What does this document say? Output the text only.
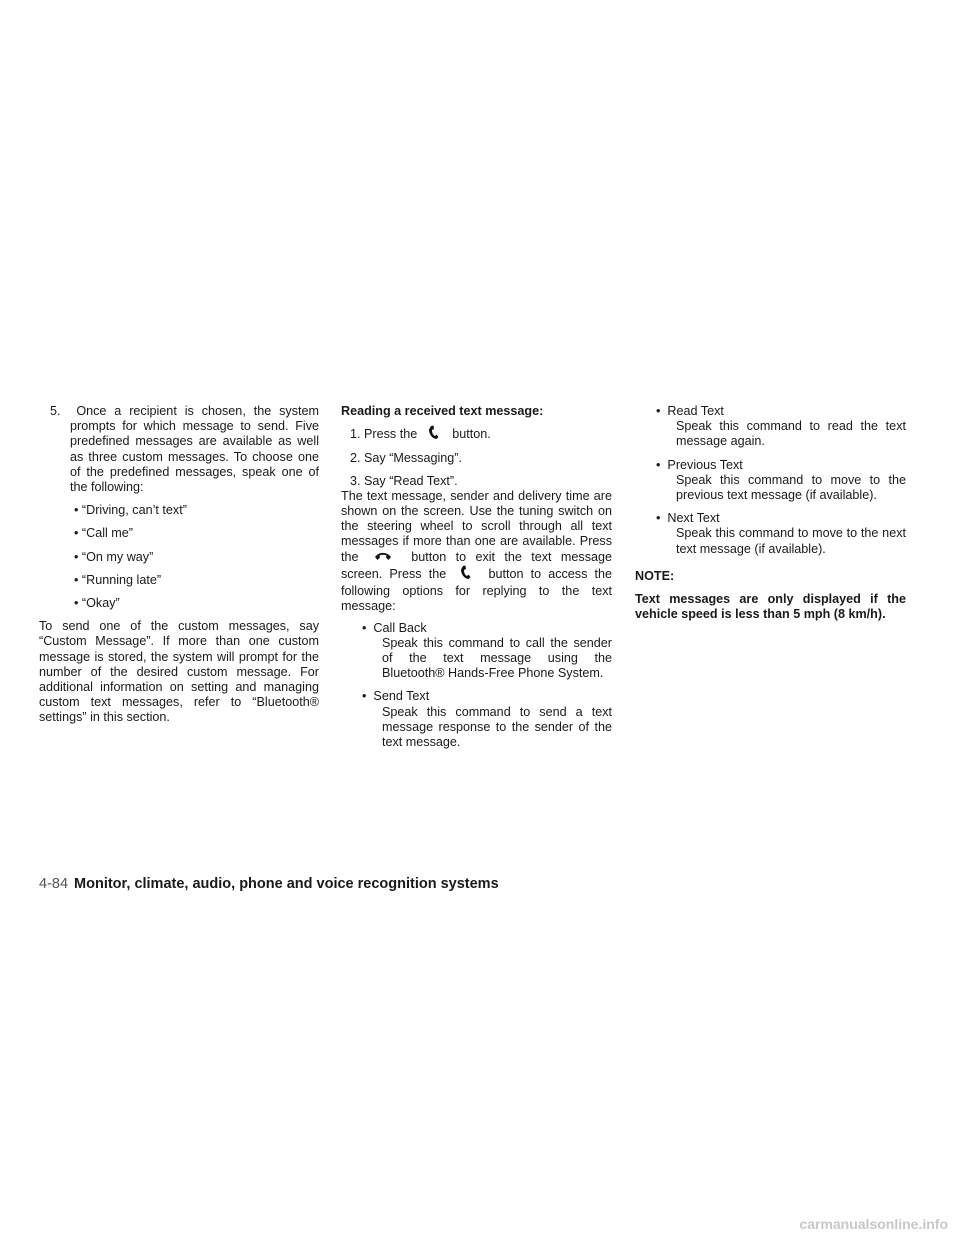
5. Once a recipient is chosen, the system prompts for which message to send. Five predefined messages are available as well as three custom messages. To choose one of the predefined messages, speak one of the following:

• “Driving, can’t text”

• “Call me”

• “On my way”

• “Running late”

• “Okay”

To send one of the custom messages, say “Custom Message”. If more than one custom message is stored, the system will prompt for the number of the desired custom message. For additional information on setting and managing custom text messages, refer to “Bluetooth® settings” in this section.

Reading a received text message:

1. Press the	button.

2. Say “Messaging”.

3. Say “Read Text”.

The text message, sender and delivery time are shown on the screen. Use the tuning switch on the steering wheel to scroll through all text messages if more than one are available. Press the	button to exit the text message screen. Press the	button to access the following options for replying to the text message:

• Call Back

Speak this command to call the sender of the text message using the Bluetooth® Hands-Free Phone System.

• Send Text

Speak this command to send a text message response to the sender of the text message.

• Read Text

Speak this command to read the text message again.

• Previous Text

Speak this command to move to the previous text message (if available).

• Next Text

Speak this command to move to the next text message (if available).

NOTE:

Text messages are only displayed if the vehicle speed is less than 5 mph (8 km/h).

4-84 Monitor, climate, audio, phone and voice recognition systems
carmanualsonline.info
